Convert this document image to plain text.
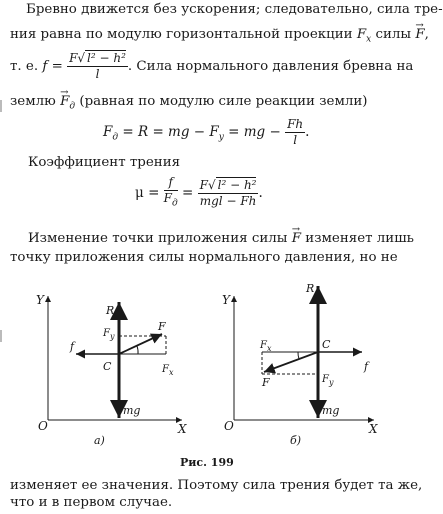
Бревно движется без ускорения; следовательно, сила тре-
ния равна по модулю горизонтальной проекции $F_x$ силы → F,
т. е. $f = \frac{\text{F√ l² − h²}}{l}$ . Сила нормального давления бревна на
землю → $F_д$ (равная по модулю силе реакции земли)
$F_д = R$ = mg − $F_y$ = mg − $\frac{Fh}{l}$ .
Коэффициент трения
$\mu = \frac{f}{F_д} = \frac{\text{F√ l² − h²}}{\text{mgl − Fh}}$ .
Изменение точки приложения силы → F изменяет лишь
точку приложения силы нормального давления, но не
Y
X
O
R
F
f
$F_y$
C	$F_x$
mg
а)
Y
X
O
R
F
f
$F_x$	C
$F_y$
mg
б)
Рис. 199
изменяет ее значения. Поэтому сила трения будет та же,
что и в первом случае.
